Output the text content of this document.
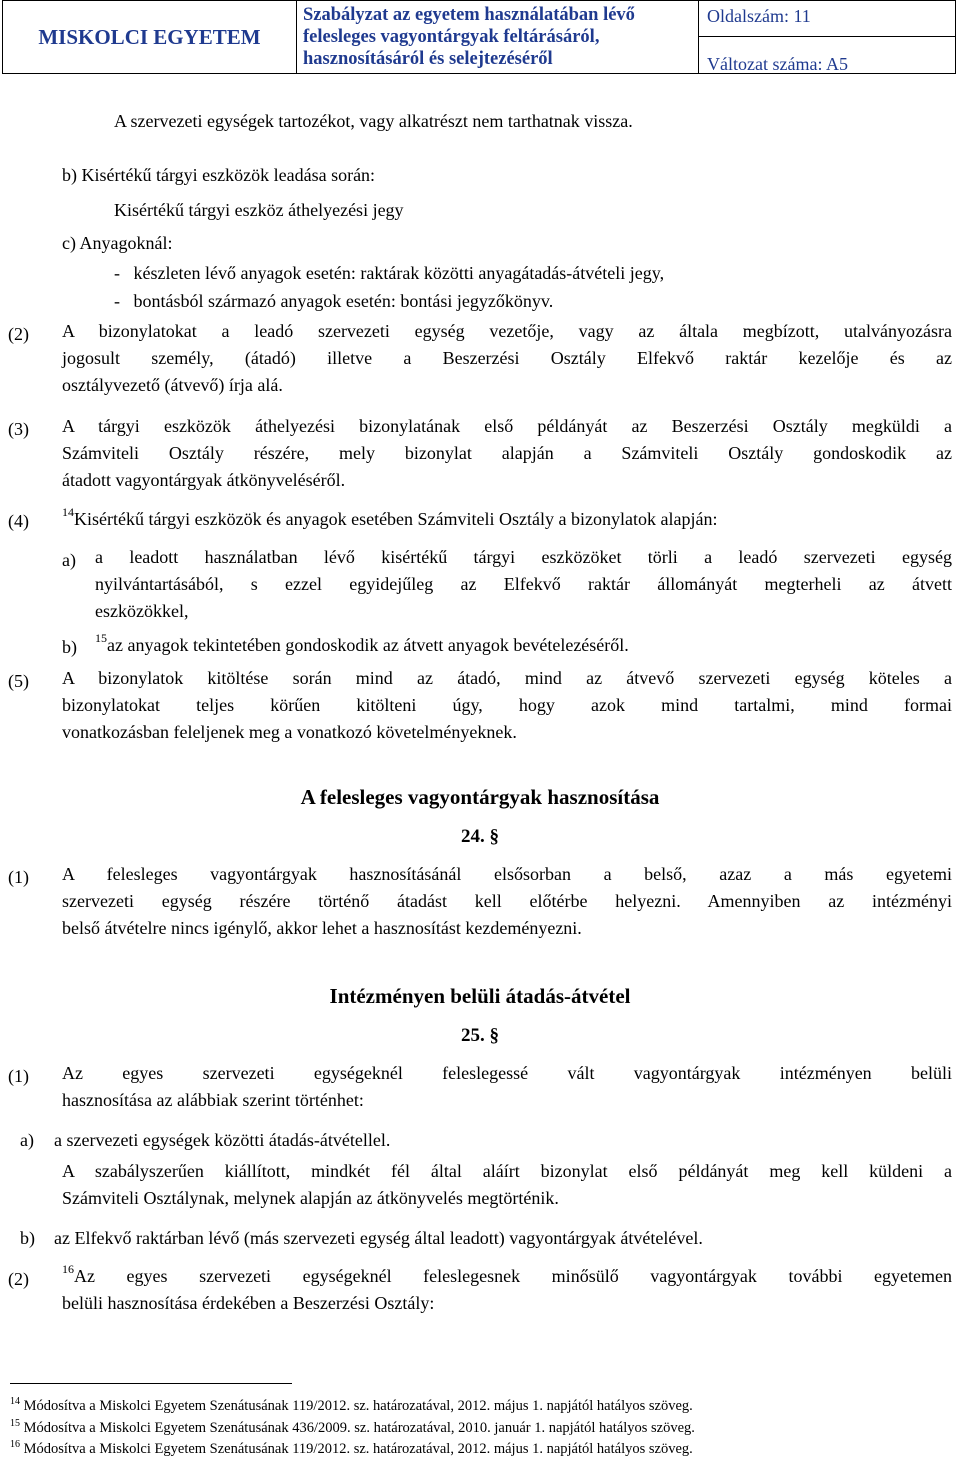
MISKOLCI EGYETEM
Szabályzat az egyetem használatában lévő
felesleges vagyontárgyak feltárásáról,
hasznosításáról és selejtezéséről
Oldalszám: 11
Változat száma: A5
A szervezeti egységek tartozékot, vagy alkatrészt nem tarthatnak vissza.
b) Kisértékű tárgyi eszközök leadása során:
Kisértékű tárgyi eszköz áthelyezési jegy
c) Anyagoknál:
-   készleten lévő anyagok esetén: raktárak közötti anyagátadás-átvételi jegy,
-   bontásból származó anyagok esetén: bontási jegyzőkönyv.
(2) A bizonylatokat a leadó szervezeti egység vezetője, vagy az általa megbízott, utalványozásra
jogosult személy, (átadó) illetve a Beszerzési Osztály Elfekvő raktár kezelője és az
osztályvezető (átvevő) írja alá.
(3) A tárgyi eszközök áthelyezési bizonylatának első példányát az Beszerzési Osztály megküldi a
Számviteli Osztály részére, mely bizonylat alapján a Számviteli Osztály gondoskodik az
átadott vagyontárgyak átkönyveléséről.
(4)	$^{14}$Kisértékű tárgyi eszközök és anyagok esetében Számviteli Osztály a bizonylatok alapján:
a) a leadott használatban lévő kisértékű tárgyi eszközöket törli a leadó szervezeti egység
nyilvántartásából, s ezzel egyidejűleg az Elfekvő raktár állományát megterheli az átvett
eszközökkel,
b) $^{15}$az anyagok tekintetében gondoskodik az átvett anyagok bevételezéséről.
(5) A bizonylatok kitöltése során mind az átadó, mind az átvevő szervezeti egység köteles a
bizonylatokat teljes körűen kitölteni úgy, hogy azok mind tartalmi, mind formai
vonatkozásban feleljenek meg a vonatkozó követelményeknek.
A felesleges vagyontárgyak hasznosítása
24. §
(1) A felesleges vagyontárgyak hasznosításánál elsősorban a belső, azaz a más egyetemi
szervezeti egység részére történő átadást kell előtérbe helyezni. Amennyiben az intézményi
belső átvételre nincs igénylő, akkor lehet a hasznosítást kezdeményezni.
Intézményen belüli átadás-átvétel
25. §
(1) Az egyes szervezeti egységeknél feleslegessé vált vagyontárgyak intézményen belüli
hasznosítása az alábbiak szerint történhet:
a) a szervezeti egységek közötti átadás-átvétellel.
A szabályszerűen kiállított, mindkét fél által aláírt bizonylat első példányát meg kell küldeni a
Számviteli Osztálynak, melynek alapján az átkönyvelés megtörténik.
b) az Elfekvő raktárban lévő (más szervezeti egység által leadott) vagyontárgyak átvételével.
(2)	$^{16}$Az egyes szervezeti egységeknél feleslegesnek minősülő vagyontárgyak további egyetemen
belüli hasznosítása érdekében a Beszerzési Osztály:
$^{14}$ Módosítva a Miskolci Egyetem Szenátusának 119/2012. sz. határozatával, 2012. május 1. napjától hatályos szöveg.
$^{15}$ Módosítva a Miskolci Egyetem Szenátusának 436/2009. sz. határozatával, 2010. január 1. napjától hatályos szöveg.
$^{16}$ Módosítva a Miskolci Egyetem Szenátusának 119/2012. sz. határozatával, 2012. május 1. napjától hatályos szöveg.
